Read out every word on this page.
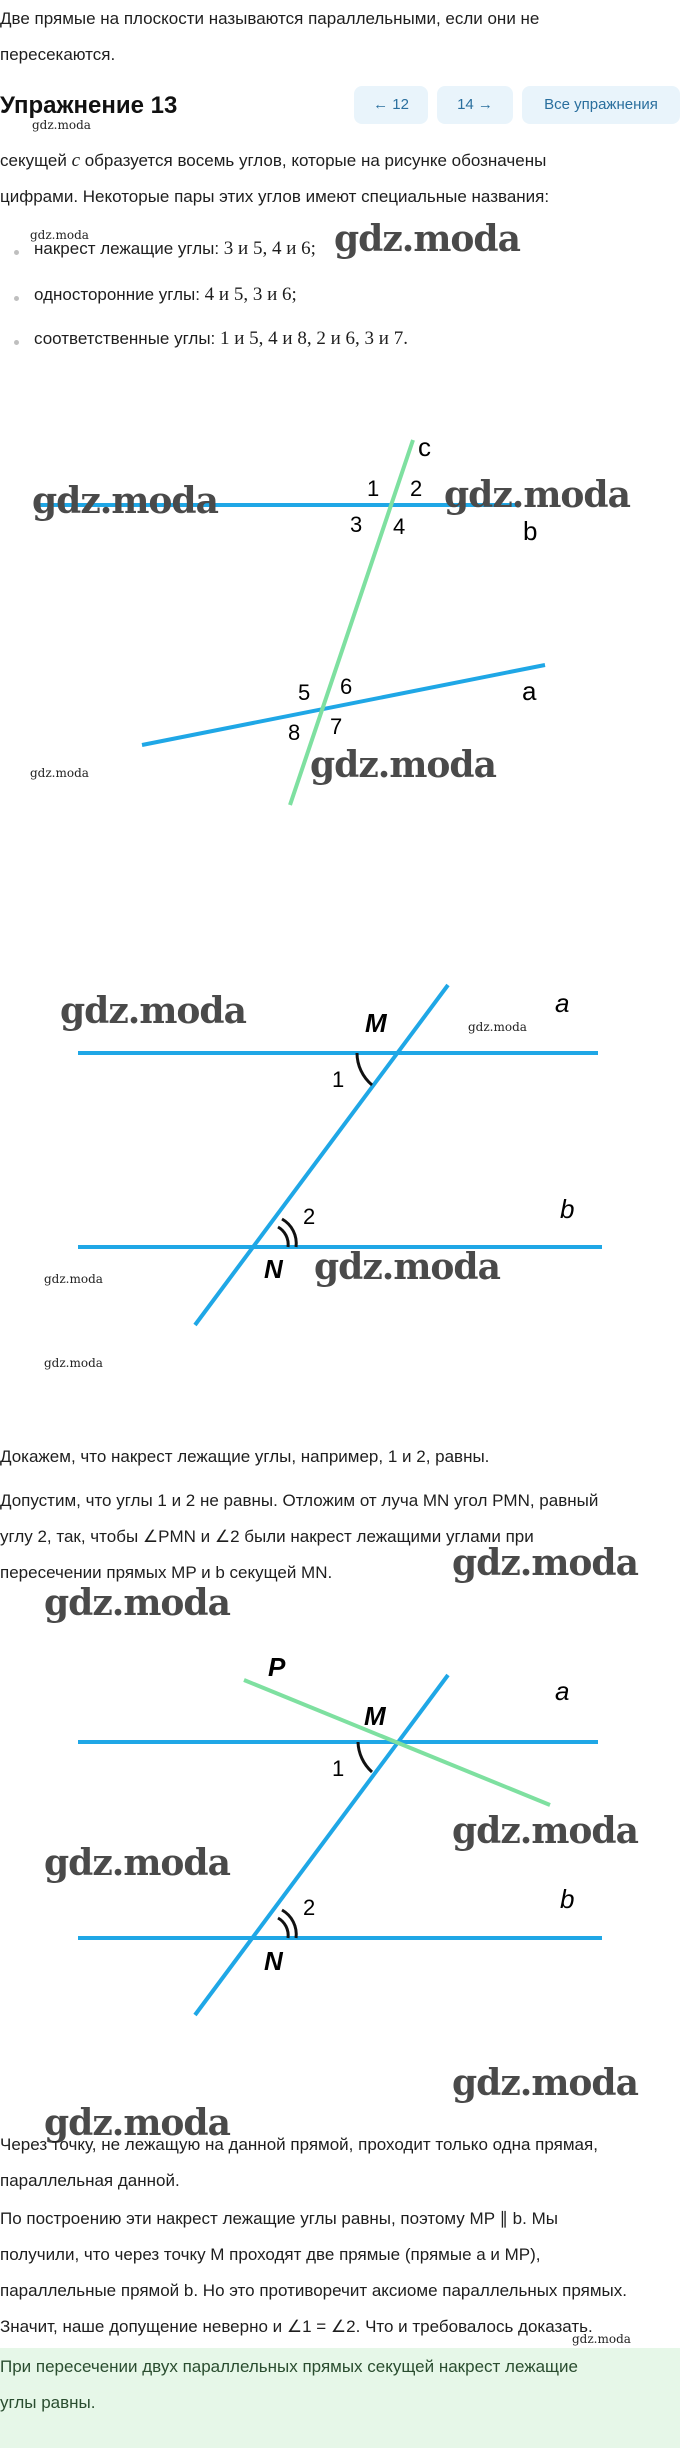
Две прямые на плоскости называются параллельными, если они не
пересекаются.
Упражнение 13	← 12	14 →	Все упражнения
gdz.moda
секущей c образуется восемь углов, которые на рисунке обозначены
цифрами. Некоторые пары этих углов имеют специальные названия:
накрест лежащие углы: 3 и 5, 4 и 6;
gdz.moda	gdz.moda
односторонние углы: 4 и 5, 3 и 6;
соответственные углы: 1 и 5, 4 и 8, 2 и 6, 3 и 7.
c
b
a
1 2
3 4
5 6
7
8
gdz.moda	gdz.moda
gdz.moda
gdz.moda
M
N
a
b
1
2
gdz.moda	gdz.moda
gdz.moda
gdz.moda
gdz.moda
Докажем, что накрест лежащие углы, например, 1 и 2, равны.
Допустим, что углы 1 и 2 не равны. Отложим от луча MN угол PMN, равный
углу 2, так, чтобы ∠PMN и ∠2 были накрест лежащими углами при
пересечении прямых MP и b секущей MN.	gdz.moda
gdz.moda
P
M
N
a
b
1
2
gdz.moda
gdz.moda
gdz.moda
gdz.moda
Через точку, не лежащую на данной прямой, проходит только одна прямая,
параллельная данной.
По построению эти накрест лежащие углы равны, поэтому MP ∥ b. Мы
получили, что через точку M проходят две прямые (прямые a и MP),
параллельные прямой b. Но это противоречит аксиоме параллельных прямых.
Значит, наше допущение неверно и ∠1 = ∠2. Что и требовалось доказать.
При пересечении двух параллельных прямых секущей накрест лежащие
углы равны.
gdz.moda
